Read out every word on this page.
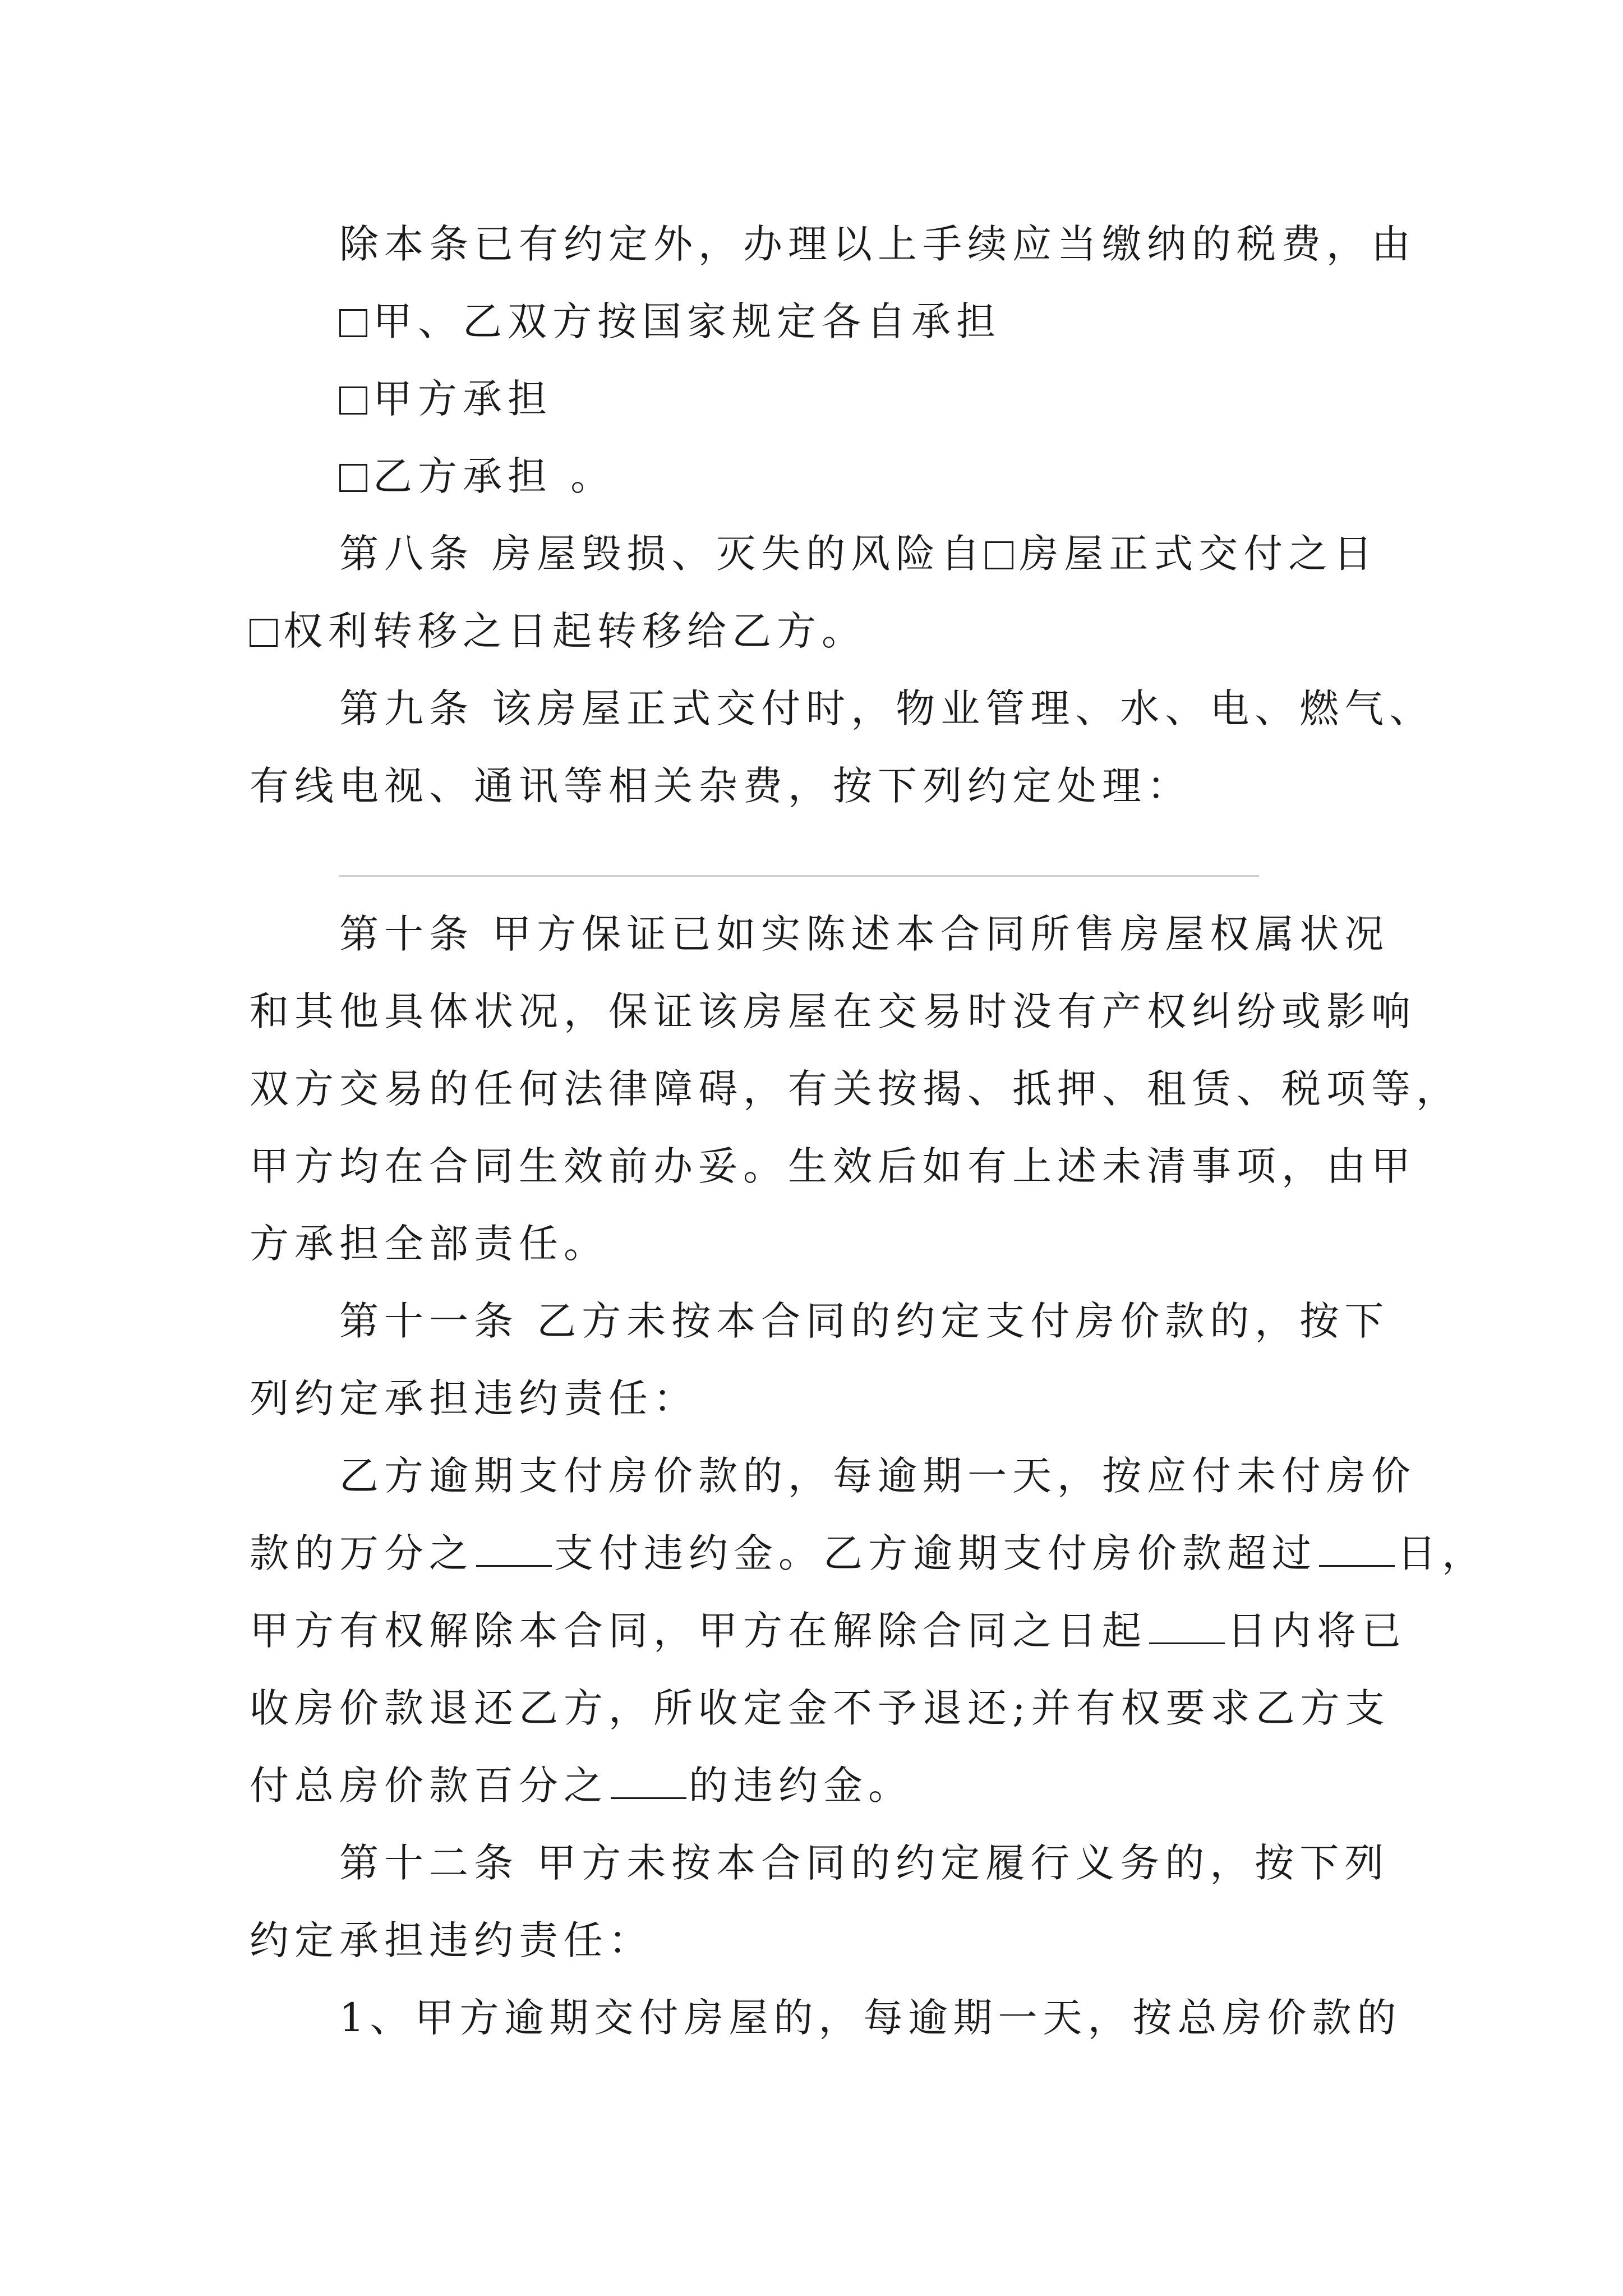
除本条已有约定外，办理以上手续应当缴纳的税费，由
甲、乙双方按国家规定各自承担
甲方承担
乙方承担 。
第八条 房屋毁损、灭失的风险自 房屋正式交付之日
权利转移之日起转移给乙方。
第九条 该房屋正式交付时，物业管理、水、电、燃气、
有线电视、通讯等相关杂费，按下列约定处理：
第十条 甲方保证已如实陈述本合同所售房屋权属状况
和其他具体状况，保证该房屋在交易时没有产权纠纷或影响
双方交易的任何法律障碍，有关按揭、抵押、租赁、税项等，
甲方均在合同生效前办妥。生效后如有上述未清事项，由甲
方承担全部责任。
第十一条 乙方未按本合同的约定支付房价款的，按下
列约定承担违约责任：
乙方逾期支付房价款的，每逾期一天，按应付未付房价
款的万分之 支付违约金。乙方逾期支付房价款超过 日，
甲方有权解除本合同，甲方在解除合同之日起 日内将已
收房价款退还乙方，所收定金不予退还;并有权要求乙方支
付总房价款百分之 的违约金。
第十二条 甲方未按本合同的约定履行义务的，按下列
约定承担违约责任：
1、甲方逾期交付房屋的，每逾期一天，按总房价款的
